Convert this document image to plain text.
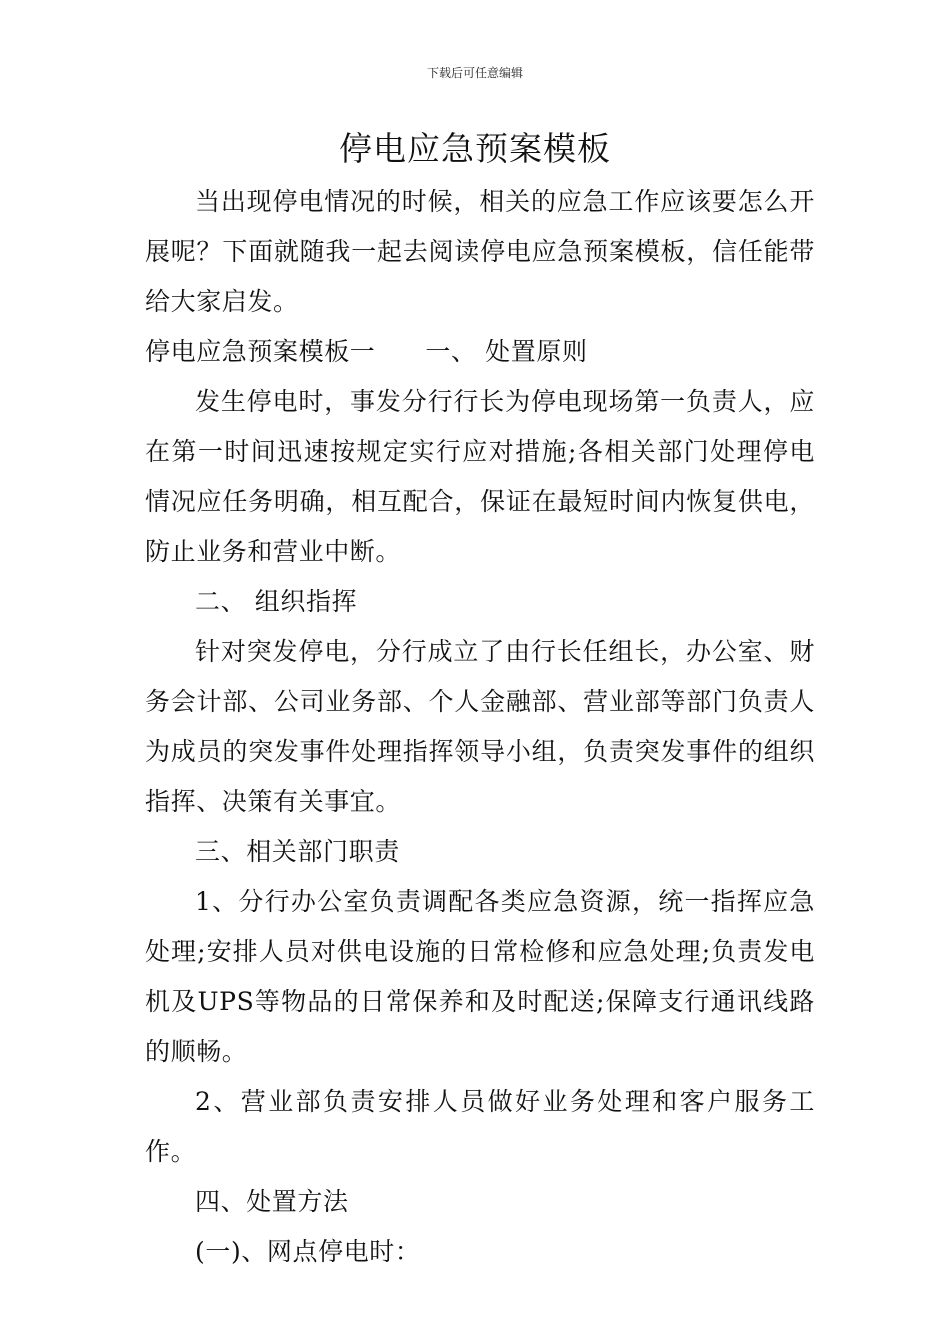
下载后可任意编辑
停电应急预案模板

当出现停电情况的时候，相关的应急工作应该要怎么开展呢？下面就随我一起去阅读停电应急预案模板，信任能带给大家启发。

停电应急预案模板一 一、 处置原则

发生停电时，事发分行行长为停电现场第一负责人，应在第一时间迅速按规定实行应对措施;各相关部门处理停电情况应任务明确，相互配合，保证在最短时间内恢复供电，防止业务和营业中断。

二、 组织指挥

针对突发停电，分行成立了由行长任组长，办公室、财务会计部、公司业务部、个人金融部、营业部等部门负责人为成员的突发事件处理指挥领导小组，负责突发事件的组织指挥、决策有关事宜。

三、相关部门职责

1、分行办公室负责调配各类应急资源，统一指挥应急处理;安排人员对供电设施的日常检修和应急处理;负责发电机及UPS等物品的日常保养和及时配送;保障支行通讯线路的顺畅。

2、营业部负责安排人员做好业务处理和客户服务工作。

四、处置方法
(一)、网点停电时：
